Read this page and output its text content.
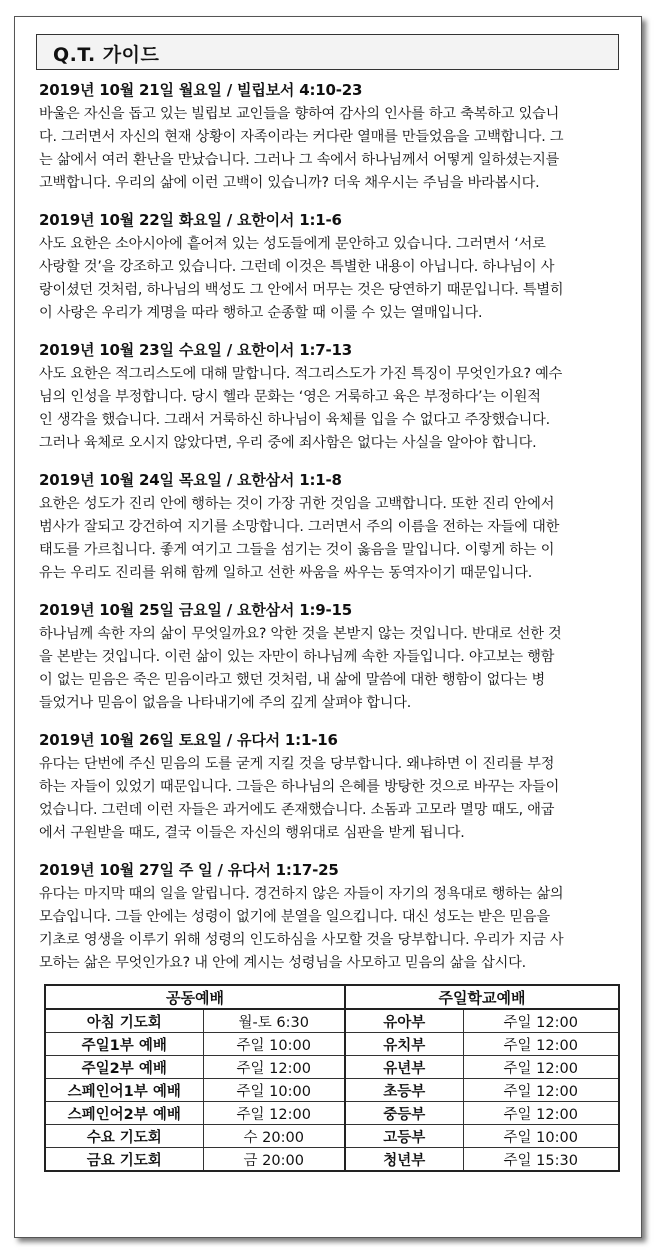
Q.T. 가이드
2019년 10월 21일 월요일 / 빌립보서 4:10-23
바울은 자신을 돕고 있는 빌립보 교인들을 향하여 감사의 인사를 하고 축복하고 있습니
다. 그러면서 자신의 현재 상황이 자족이라는 커다란 열매를 만들었음을 고백합니다. 그
는 삶에서 여러 환난을 만났습니다. 그러나 그 속에서 하나님께서 어떻게 일하셨는지를
고백합니다. 우리의 삶에 이런 고백이 있습니까? 더욱 채우시는 주님을 바라봅시다.
2019년 10월 22일 화요일 / 요한이서 1:1-6
사도 요한은 소아시아에 흩어져 있는 성도들에게 문안하고 있습니다. 그러면서 ‘서로
사랑할 것’을 강조하고 있습니다. 그런데 이것은 특별한 내용이 아닙니다. 하나님이 사
랑이셨던 것처럼, 하나님의 백성도 그 안에서 머무는 것은 당연하기 때문입니다. 특별히
이 사랑은 우리가 계명을 따라 행하고 순종할 때 이룰 수 있는 열매입니다.
2019년 10월 23일 수요일 / 요한이서 1:7-13
사도 요한은 적그리스도에 대해 말합니다. 적그리스도가 가진 특징이 무엇인가요? 예수
님의 인성을 부정합니다. 당시 헬라 문화는 ‘영은 거룩하고 육은 부정하다’는 이원적
인 생각을 했습니다. 그래서 거룩하신 하나님이 육체를 입을 수 없다고 주장했습니다.
그러나 육체로 오시지 않았다면, 우리 중에 죄사함은 없다는 사실을 알아야 합니다.
2019년 10월 24일 목요일 / 요한삼서 1:1-8
요한은 성도가 진리 안에 행하는 것이 가장 귀한 것임을 고백합니다. 또한 진리 안에서
범사가 잘되고 강건하여 지기를 소망합니다. 그러면서 주의 이름을 전하는 자들에 대한
태도를 가르칩니다. 좋게 여기고 그들을 섬기는 것이 옳음을 말입니다. 이렇게 하는 이
유는 우리도 진리를 위해 함께 일하고 선한 싸움을 싸우는 동역자이기 때문입니다.
2019년 10월 25일 금요일 / 요한삼서 1:9-15
하나님께 속한 자의 삶이 무엇일까요? 악한 것을 본받지 않는 것입니다. 반대로 선한 것
을 본받는 것입니다. 이런 삶이 있는 자만이 하나님께 속한 자들입니다. 야고보는 행함
이 없는 믿음은 죽은 믿음이라고 했던 것처럼, 내 삶에 말씀에 대한 행함이 없다는 병
들었거나 믿음이 없음을 나타내기에 주의 깊게 살펴야 합니다.
2019년 10월 26일 토요일 / 유다서 1:1-16
유다는 단번에 주신 믿음의 도를 굳게 지킬 것을 당부합니다. 왜냐하면 이 진리를 부정
하는 자들이 있었기 때문입니다. 그들은 하나님의 은혜를 방탕한 것으로 바꾸는 자들이
었습니다. 그런데 이런 자들은 과거에도 존재했습니다. 소돔과 고모라 멸망 때도, 애굽
에서 구원받을 때도, 결국 이들은 자신의 행위대로 심판을 받게 됩니다.
2019년 10월 27일 주 일 / 유다서 1:17-25
유다는 마지막 때의 일을 알립니다. 경건하지 않은 자들이 자기의 정욕대로 행하는 삶의
모습입니다. 그들 안에는 성령이 없기에 분열을 일으킵니다. 대신 성도는 받은 믿음을
기초로 영생을 이루기 위해 성령의 인도하심을 사모할 것을 당부합니다. 우리가 지금 사
모하는 삶은 무엇인가요? 내 안에 계시는 성령님을 사모하고 믿음의 삶을 삽시다.
공동예배		주일학교예배	
아침 기도회	월-토 6:30	유아부	주일 12:00
주일1부 예배	주일 10:00	유치부	주일 12:00
주일2부 예배	주일 12:00	유년부	주일 12:00
스페인어1부 예배	주일 10:00	초등부	주일 12:00
스페인어2부 예배	주일 12:00	중등부	주일 12:00
수요 기도회	수 20:00	고등부	주일 10:00
금요 기도회	금 20:00	청년부	주일 15:30
